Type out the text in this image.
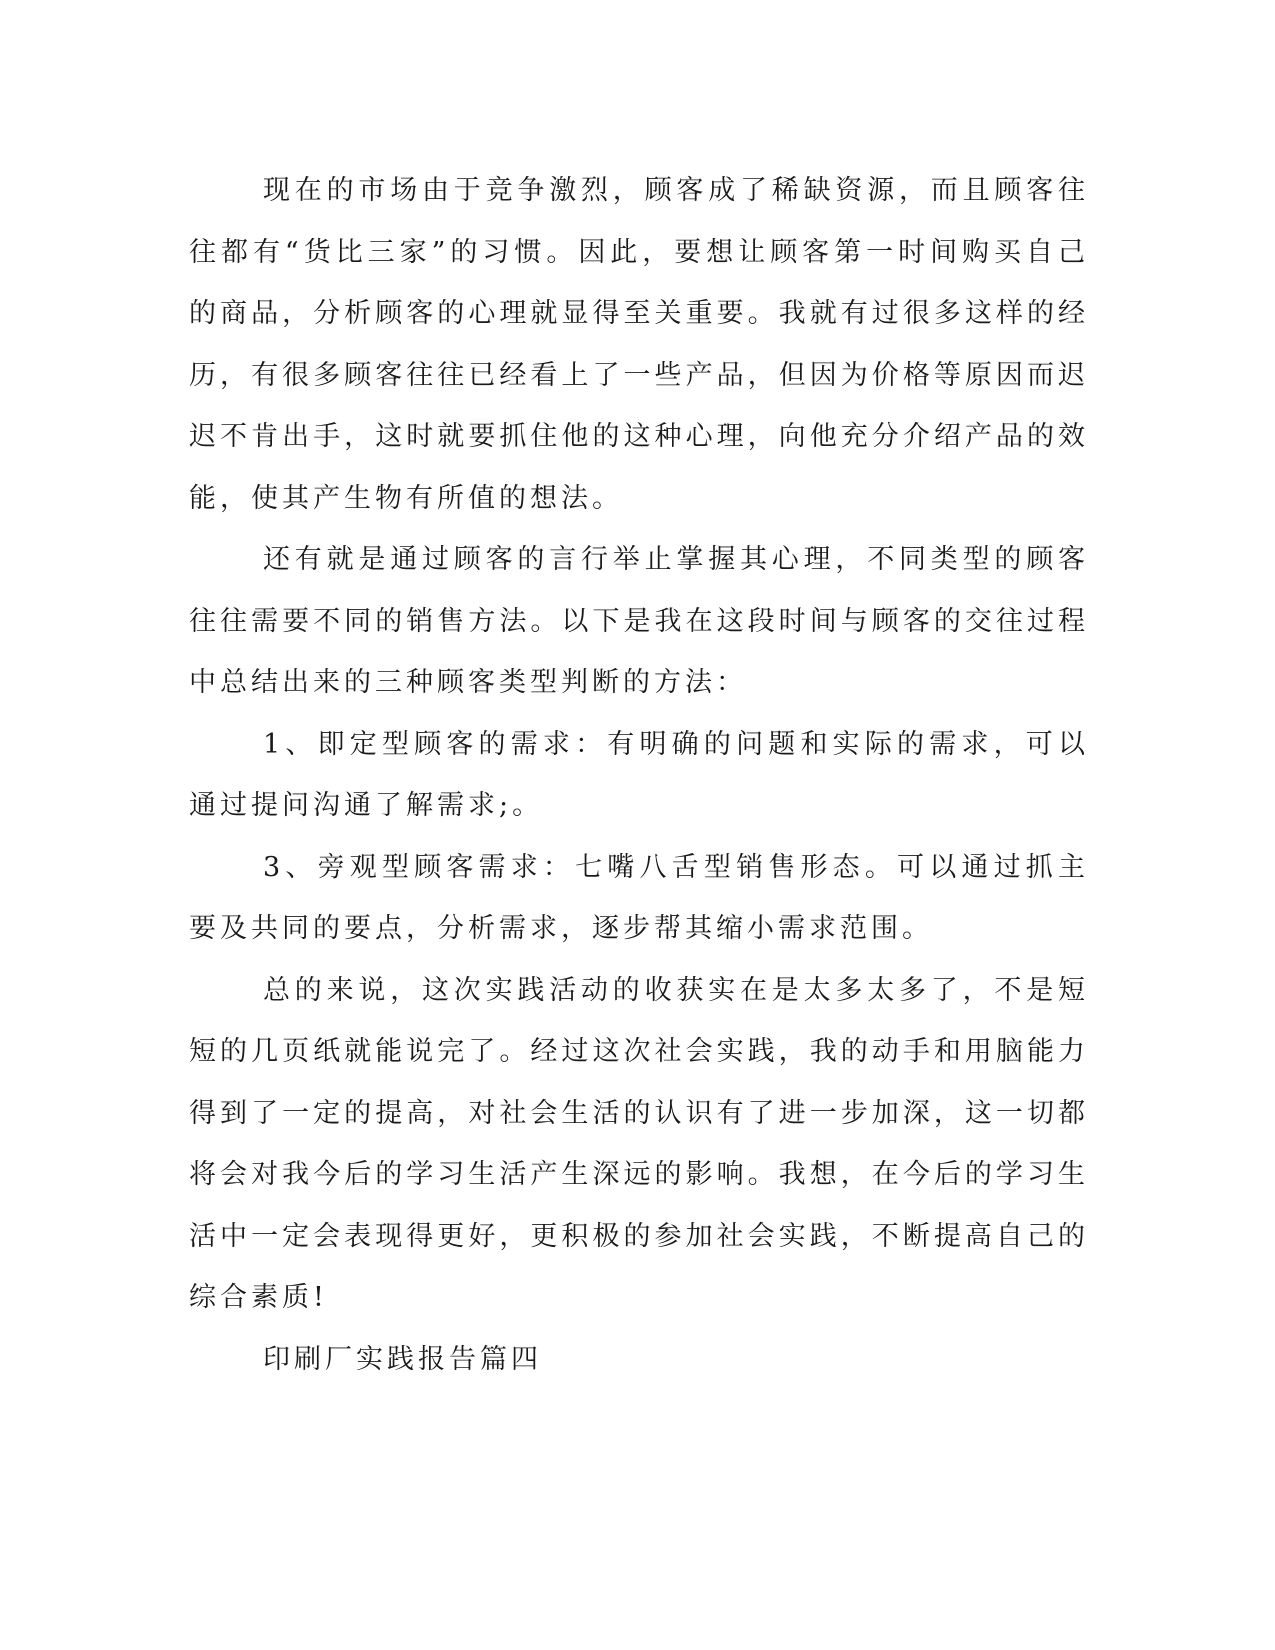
现在的市场由于竞争激烈，顾客成了稀缺资源，而且顾客往往都有“货比三家”的习惯。因此，要想让顾客第一时间购买自己的商品，分析顾客的心理就显得至关重要。我就有过很多这样的经历，有很多顾客往往已经看上了一些产品，但因为价格等原因而迟迟不肯出手，这时就要抓住他的这种心理，向他充分介绍产品的效能，使其产生物有所值的想法。

还有就是通过顾客的言行举止掌握其心理，不同类型的顾客往往需要不同的销售方法。以下是我在这段时间与顾客的交往过程中总结出来的三种顾客类型判断的方法：

1、即定型顾客的需求：有明确的问题和实际的需求，可以通过提问沟通了解需求;。

3、旁观型顾客需求：七嘴八舌型销售形态。可以通过抓主要及共同的要点，分析需求，逐步帮其缩小需求范围。

总的来说，这次实践活动的收获实在是太多太多了，不是短短的几页纸就能说完了。经过这次社会实践，我的动手和用脑能力得到了一定的提高，对社会生活的认识有了进一步加深，这一切都将会对我今后的学习生活产生深远的影响。我想，在今后的学习生活中一定会表现得更好，更积极的参加社会实践，不断提高自己的综合素质!

印刷厂实践报告篇四
